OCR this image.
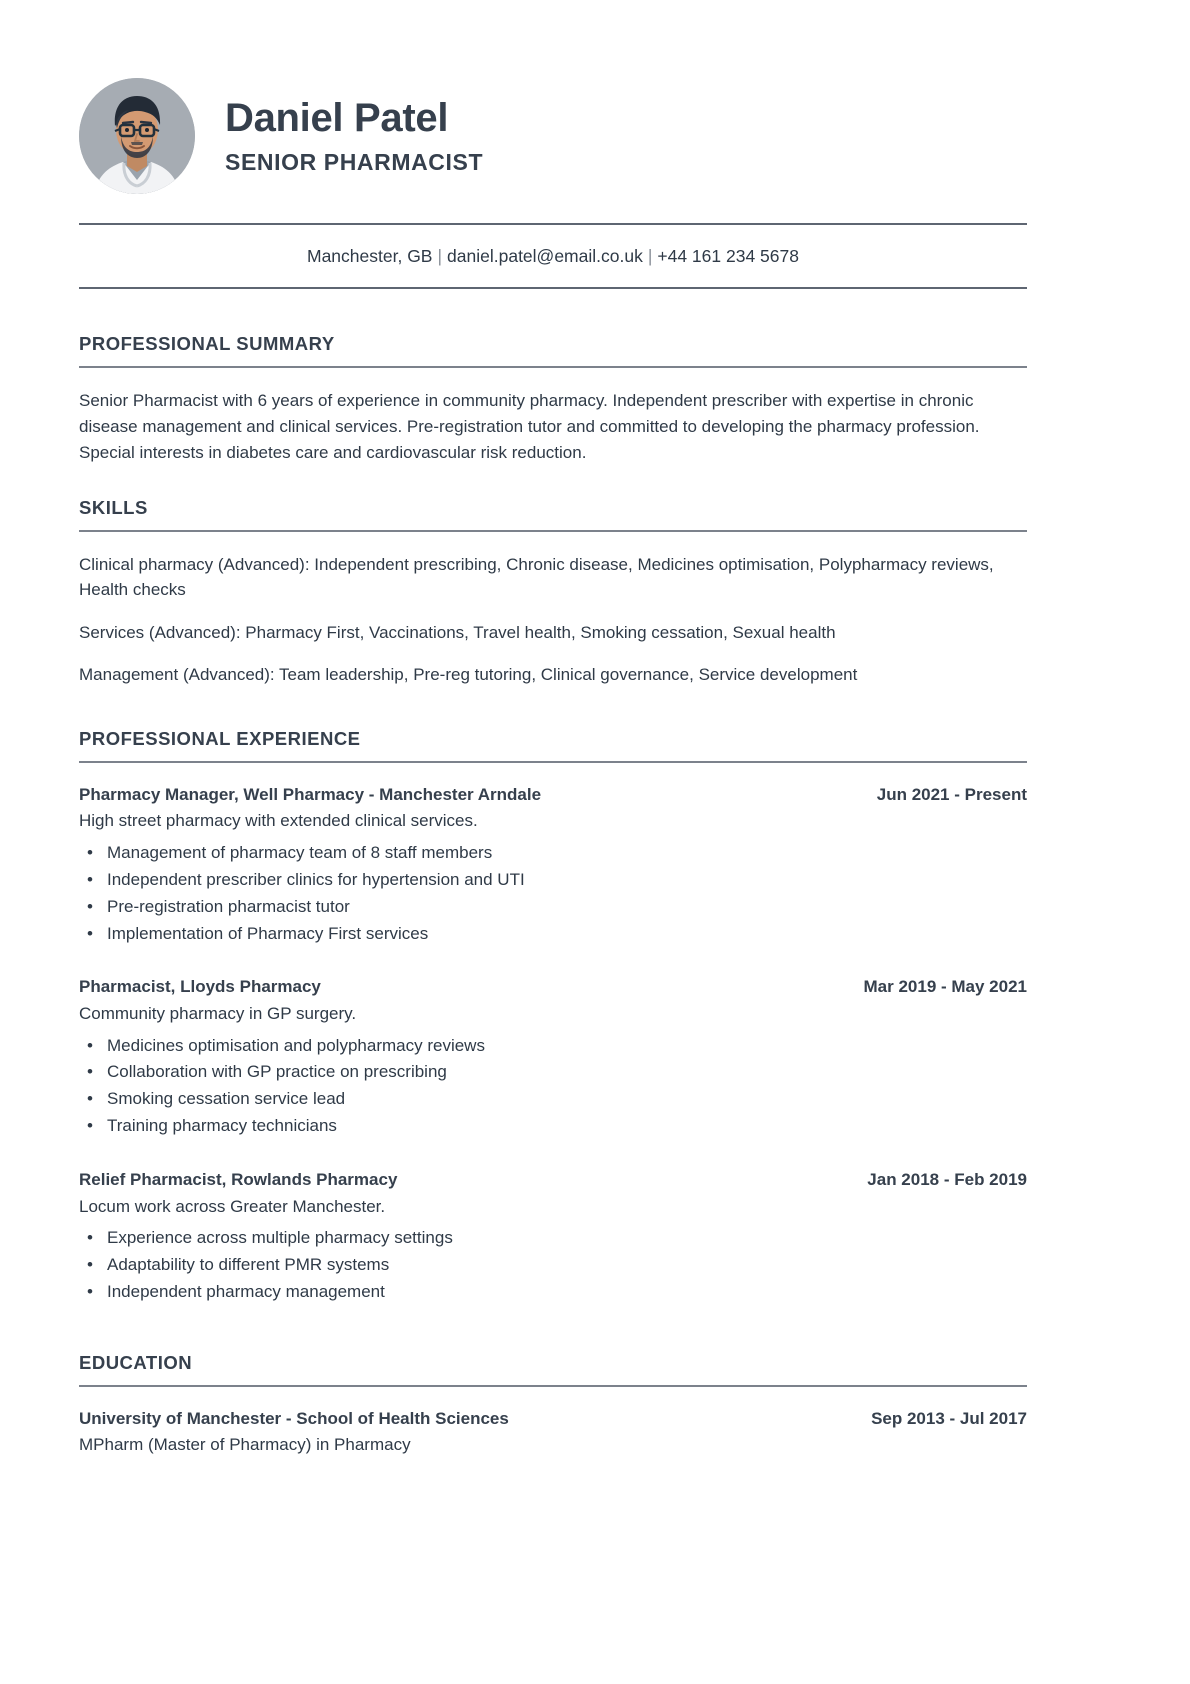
Daniel Patel
SENIOR PHARMACIST
Manchester, GB | daniel.patel@email.co.uk | +44 161 234 5678
PROFESSIONAL SUMMARY
Senior Pharmacist with 6 years of experience in community pharmacy. Independent prescriber with expertise in chronic disease management and clinical services. Pre-registration tutor and committed to developing the pharmacy profession. Special interests in diabetes care and cardiovascular risk reduction.
SKILLS
Clinical pharmacy (Advanced): Independent prescribing, Chronic disease, Medicines optimisation, Polypharmacy reviews, Health checks
Services (Advanced): Pharmacy First, Vaccinations, Travel health, Smoking cessation, Sexual health
Management (Advanced): Team leadership, Pre-reg tutoring, Clinical governance, Service development
PROFESSIONAL EXPERIENCE
Pharmacy Manager, Well Pharmacy - Manchester Arndale	Jun 2021 - Present
High street pharmacy with extended clinical services.
• Management of pharmacy team of 8 staff members
• Independent prescriber clinics for hypertension and UTI
• Pre-registration pharmacist tutor
• Implementation of Pharmacy First services
Pharmacist, Lloyds Pharmacy	Mar 2019 - May 2021
Community pharmacy in GP surgery.
• Medicines optimisation and polypharmacy reviews
• Collaboration with GP practice on prescribing
• Smoking cessation service lead
• Training pharmacy technicians
Relief Pharmacist, Rowlands Pharmacy	Jan 2018 - Feb 2019
Locum work across Greater Manchester.
• Experience across multiple pharmacy settings
• Adaptability to different PMR systems
• Independent pharmacy management
EDUCATION
University of Manchester - School of Health Sciences	Sep 2013 - Jul 2017
MPharm (Master of Pharmacy) in Pharmacy
